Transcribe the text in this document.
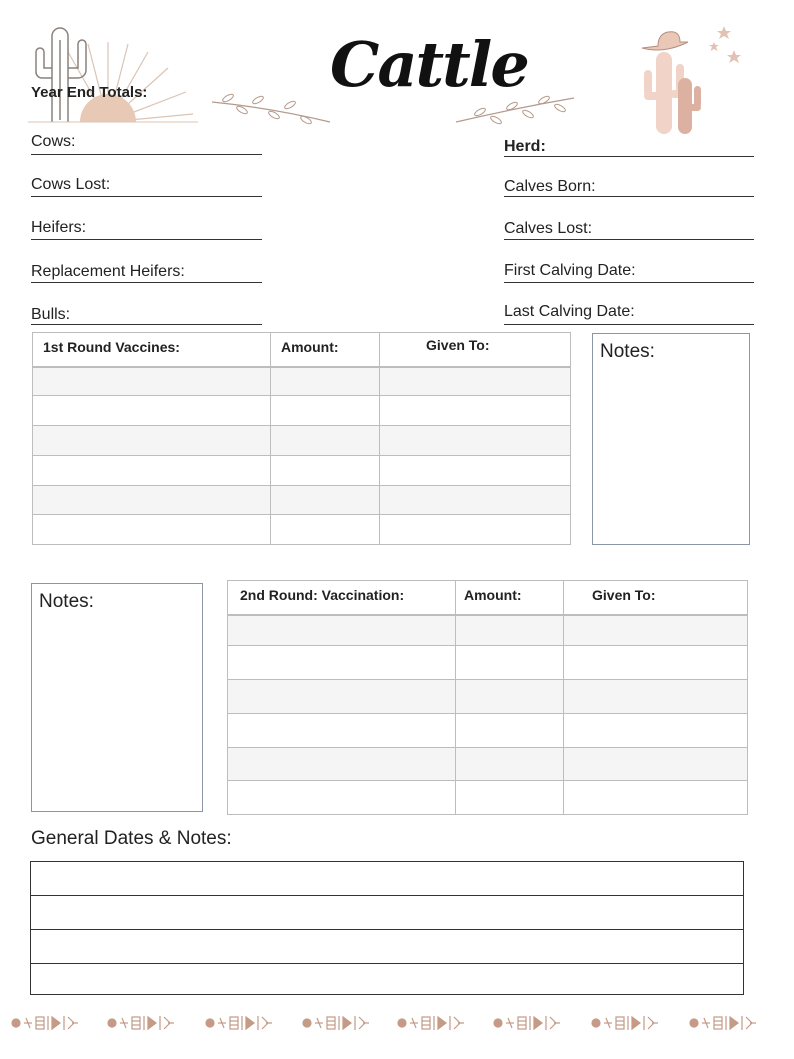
Year End Totals:	Cattle
Cows:
Cows Lost:
Heifers:
Replacement Heifers:
Bulls:
Herd:
Calves Born:
Calves Lost:
First Calving Date:
Last Calving Date:
1st Round Vaccines:	Amount:	Given To:

			Notes:
Notes:	2nd Round: Vaccination:	Amount:	Given To:

General Dates & Notes:
